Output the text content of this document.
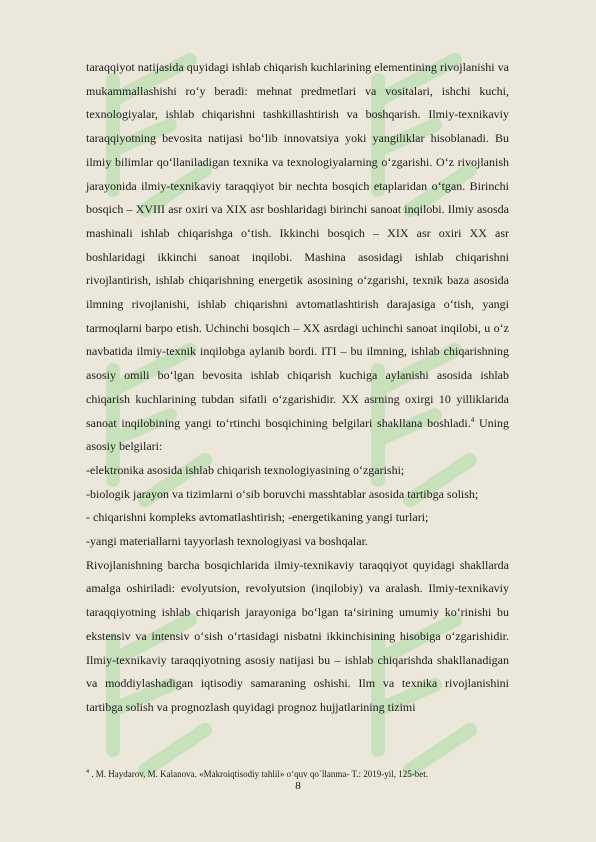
taraqqiyot natijasida quyidagi ishlab chiqarish kuchlarining elementining rivojlanishi va mukammallashishi ro‘y beradi: mehnat predmetlari va vositalari, ishchi kuchi, texnologiyalar, ishlab chiqarishni tashkillashtirish va boshqarish. Ilmiy-texnikaviy taraqqiyotning bevosita natijasi bo‘lib innovatsiya yoki yangiliklar hisoblanadi. Bu ilmiy bilimlar qo‘llaniladigan texnika va texnologiyalarning o‘zgarishi. O‘z rivojlanish jarayonida ilmiy-texnikaviy taraqqiyot bir nechta bosqich etaplaridan o‘tgan. Birinchi bosqich – XVIII asr oxiri va XIX asr boshlaridagi birinchi sanoat inqilobi. Ilmiy asosda mashinali ishlab chiqarishga o‘tish. Ikkinchi bosqich – XIX asr oxiri XX asr boshlaridagi ikkinchi sanoat inqilobi. Mashina asosidagi ishlab chiqarishni rivojlantirish, ishlab chiqarishning energetik asosining o‘zgarishi, texnik baza asosida ilmning rivojlanishi, ishlab chiqarishni avtomatlashtirish darajasiga o‘tish, yangi tarmoqlarni barpo etish. Uchinchi bosqich – XX asrdagi uchinchi sanoat inqilobi, u o‘z navbatida ilmiy-texnik inqilobga aylanib bordi. ITI – bu ilmning, ishlab chiqarishning asosiy omili bo‘lgan bevosita ishlab chiqarish kuchiga aylanishi asosida ishlab chiqarish kuchlarining tubdan sifatli o‘zgarishidir. XX asrning oxirgi 10 yilliklarida sanoat inqilobining yangi to‘rtinchi bosqichining belgilari shakllana boshladi.$^4$ Uning asosiy belgilari:

-elektronika asosida ishlab chiqarish texnologiyasining o‘zgarishi;

-biologik jarayon va tizimlarni o‘sib boruvchi masshtablar asosida tartibga solish;

- chiqarishni kompleks avtomatlashtirish; -energetikaning yangi turlari;

-yangi materiallarni tayyorlash texnologiyasi va boshqalar.

Rivojlanishning barcha bosqichlarida ilmiy-texnikaviy taraqqiyot quyidagi shakllarda amalga oshiriladi: evolyutsion, revolyutsion (inqilobiy) va aralash. Ilmiy-texnikaviy taraqqiyotning ishlab chiqarish jarayoniga bo‘lgan ta‘sirining umumiy ko‘rinishi bu ekstensiv va intensiv o‘sish o‘rtasidagi nisbatni ikkinchisining hisobiga o‘zgarishidir. Ilmiy-texnikaviy taraqqiyotning asosiy natijasi bu – ishlab chiqarishda shakllanadigan va moddiylashadigan iqtisodiy samaraning oshishi. Ilm va texnika rivojlanishini tartibga solish va prognozlash quyidagi prognoz hujjatlarining tizimi

$^4$ . M. Haydarov, M. Kalanova. «Makroiqtisodiy tahlil» o‘quv qo`llanma- T.: 2019-yil, 125-bet.
8
